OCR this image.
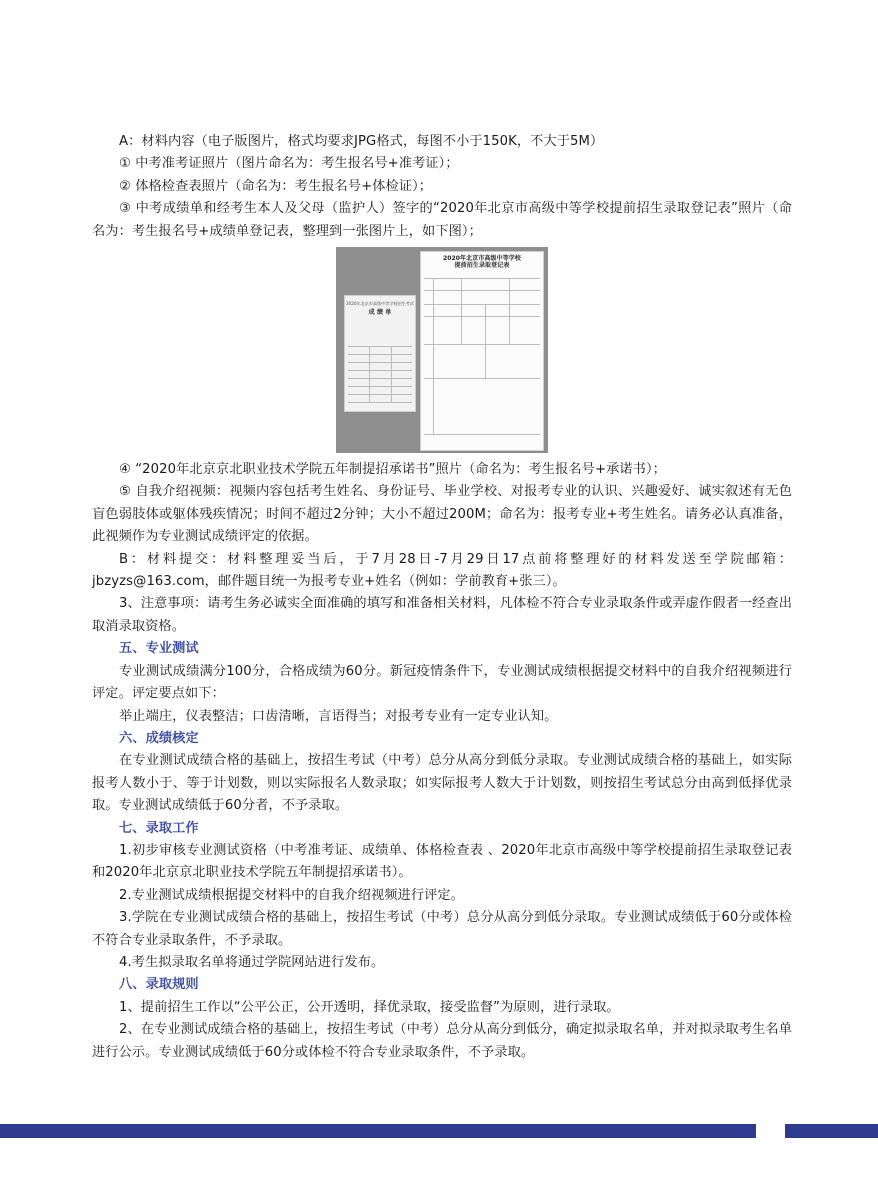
A：材料内容（电子版图片，格式均要求JPG格式，每图不小于150K，不大于5M）

① 中考准考证照片（图片命名为：考生报名号+准考证）；

② 体格检查表照片（命名为：考生报名号+体检证）；

③ 中考成绩单和经考生本人及父母（监护人）签字的“2020年北京市高级中等学校提前招生录取登记表”照片（命名为：考生报名号+成绩单登记表，整理到一张图片上，如下图）；

2020年北京市高级中等学校招生考试
成 绩 单
2020年北京市高级中等学校
提前招生录取登记表

④ “2020年北京京北职业技术学院五年制提招承诺书”照片（命名为：考生报名号+承诺书）；

⑤ 自我介绍视频：视频内容包括考生姓名、身份证号、毕业学校、对报考专业的认识、兴趣爱好、诚实叙述有无色盲色弱肢体或躯体残疾情况；时间不超过2分钟；大小不超过200M；命名为：报考专业+考生姓名。请务必认真准备，此视频作为专业测试成绩评定的依据。

B：材料提交：材料整理妥当后，于7月28日-7月29日17点前将整理好的材料发送至学院邮箱：jbzyzs@163.com，邮件题目统一为报考专业+姓名（例如：学前教育+张三）。

3、注意事项：请考生务必诚实全面准确的填写和准备相关材料，凡体检不符合专业录取条件或弄虚作假者一经查出取消录取资格。

五、专业测试

专业测试成绩满分100分，合格成绩为60分。新冠疫情条件下，专业测试成绩根据提交材料中的自我介绍视频进行评定。评定要点如下：

举止端庄，仪表整洁；口齿清晰，言语得当；对报考专业有一定专业认知。

六、成绩核定

在专业测试成绩合格的基础上，按招生考试（中考）总分从高分到低分录取。专业测试成绩合格的基础上，如实际报考人数小于、等于计划数，则以实际报名人数录取；如实际报考人数大于计划数，则按招生考试总分由高到低择优录取。专业测试成绩低于60分者，不予录取。

七、录取工作

1.初步审核专业测试资格（中考准考证、成绩单、体格检查表 、2020年北京市高级中等学校提前招生录取登记表和2020年北京京北职业技术学院五年制提招承诺书）。

2.专业测试成绩根据提交材料中的自我介绍视频进行评定。

3.学院在专业测试成绩合格的基础上，按招生考试（中考）总分从高分到低分录取。专业测试成绩低于60分或体检不符合专业录取条件，不予录取。

4.考生拟录取名单将通过学院网站进行发布。

八、录取规则

1、提前招生工作以“公平公正，公开透明，择优录取，接受监督”为原则，进行录取。

2、在专业测试成绩合格的基础上，按招生考试（中考）总分从高分到低分，确定拟录取名单，并对拟录取考生名单进行公示。专业测试成绩低于60分或体检不符合专业录取条件，不予录取。
